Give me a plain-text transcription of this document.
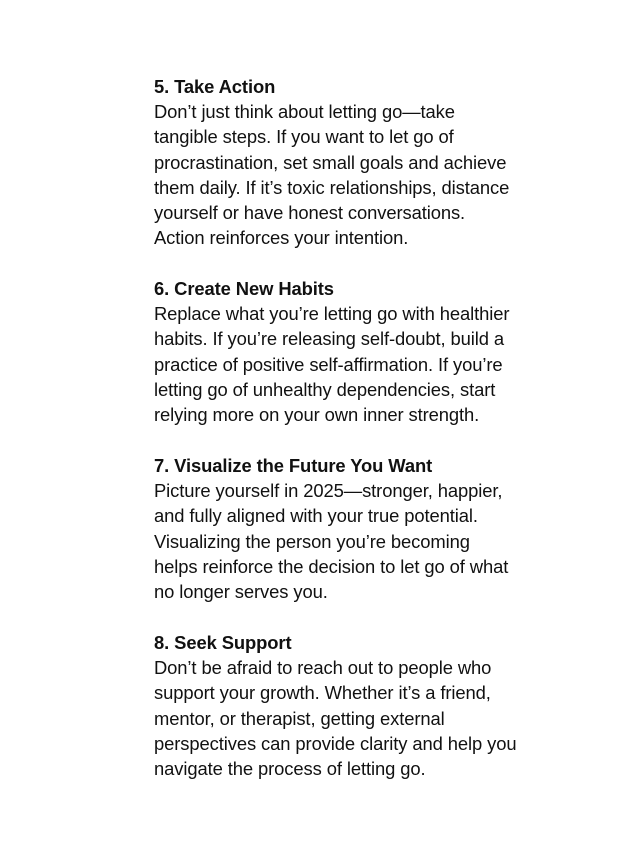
5. Take Action

Don’t just think about letting go—take
tangible steps. If you want to let go of
procrastination, set small goals and achieve
them daily. If it’s toxic relationships, distance
yourself or have honest conversations.
Action reinforces your intention.

6. Create New Habits

Replace what you’re letting go with healthier
habits. If you’re releasing self-doubt, build a
practice of positive self-affirmation. If you’re
letting go of unhealthy dependencies, start
relying more on your own inner strength.

7. Visualize the Future You Want

Picture yourself in 2025—stronger, happier,
and fully aligned with your true potential.
Visualizing the person you’re becoming
helps reinforce the decision to let go of what
no longer serves you.

8. Seek Support

Don’t be afraid to reach out to people who
support your growth. Whether it’s a friend,
mentor, or therapist, getting external
perspectives can provide clarity and help you
navigate the process of letting go.
